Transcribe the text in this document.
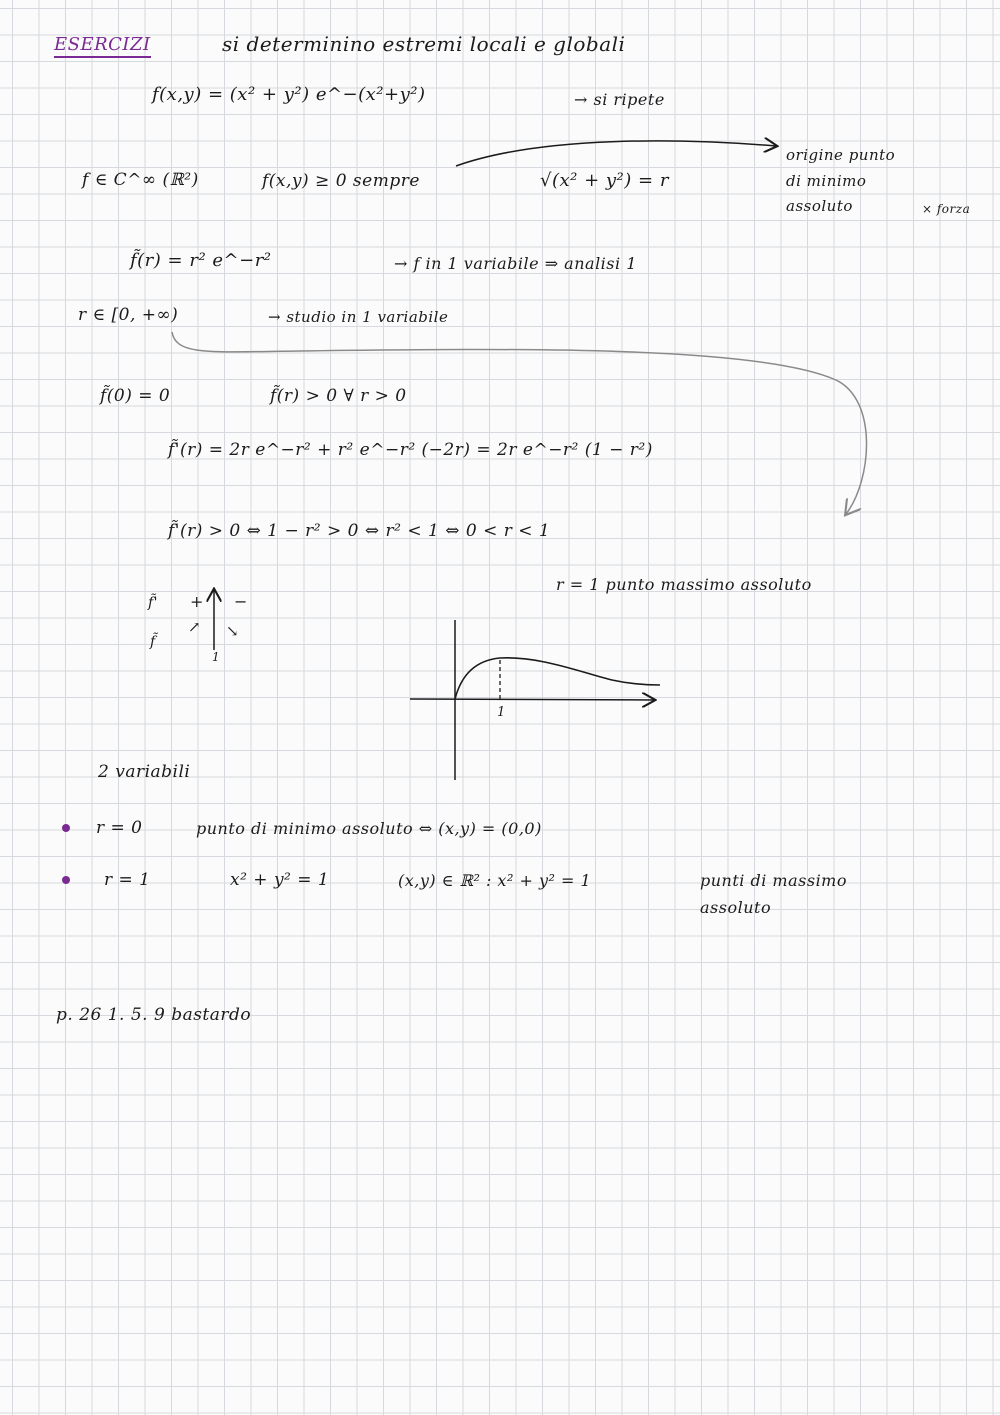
ESERCIZI	si determinino estremi locali e globali
f(x,y) = (x² + y²) e^−(x²+y²)	→ si ripete
f ∈ C^∞ (ℝ²)	f(x,y) ≥ 0 sempre	√(x² + y²) = r
origine punto
di minimo
assoluto	× forza
f̃(r) = r² e^−r²	→ f in 1 variabile ⇒ analisi 1
r ∈ [0, +∞)	→ studio in 1 variabile
f̃(0) = 0	f̃(r) > 0 ∀ r > 0
f̃'(r) = 2r e^−r² + r² e^−r² (−2r) = 2r e^−r² (1 − r²)
f̃'(r) > 0 ⇔ 1 − r² > 0 ⇔ r² < 1 ⇔ 0 < r < 1
r = 1 punto massimo assoluto
f̃'
f̃
+ −
↗ ↘
1
1
2 variabili
r = 0	punto di minimo assoluto ⇔ (x,y) = (0,0)
r = 1	x² + y² = 1	(x,y) ∈ ℝ² : x² + y² = 1	punti di massimo
assoluto
p. 26 1. 5. 9 bastardo
